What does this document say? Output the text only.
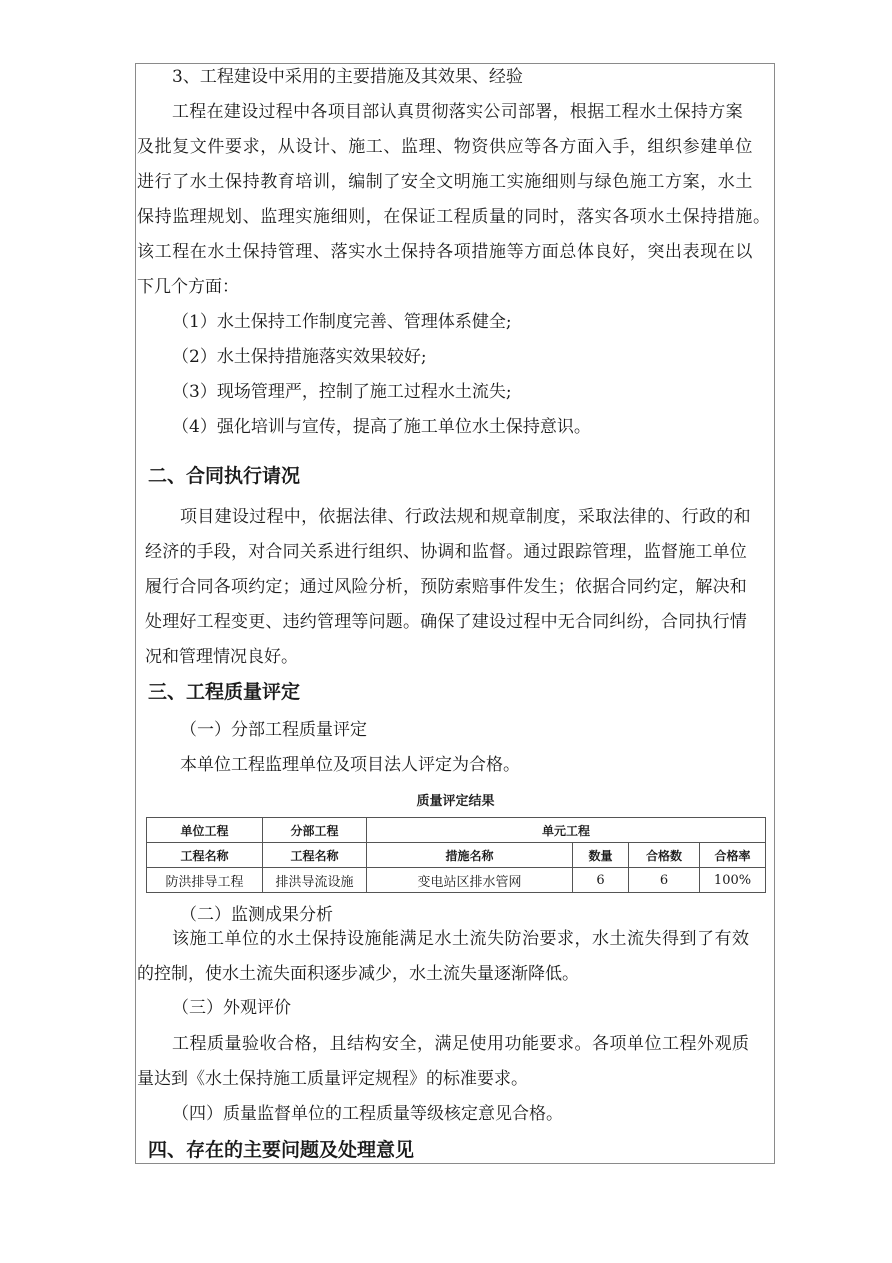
3、工程建设中采用的主要措施及其效果、经验
工程在建设过程中各项目部认真贯彻落实公司部署，根据工程水土保持方案
及批复文件要求，从设计、施工、监理、物资供应等各方面入手，组织参建单位
进行了水土保持教育培训，编制了安全文明施工实施细则与绿色施工方案，水土
保持监理规划、监理实施细则，在保证工程质量的同时，落实各项水土保持措施。
该工程在水土保持管理、落实水土保持各项措施等方面总体良好，突出表现在以
下几个方面：
（1）水土保持工作制度完善、管理体系健全;
（2）水土保持措施落实效果较好;
（3）现场管理严，控制了施工过程水土流失;
（4）强化培训与宣传，提高了施工单位水土保持意识。
二、合同执行请况
项目建设过程中，依据法律、行政法规和规章制度，采取法律的、行政的和
经济的手段，对合同关系进行组织、协调和监督。通过跟踪管理，监督施工单位
履行合同各项约定；通过风险分析，预防索赔事件发生；依据合同约定，解决和
处理好工程变更、违约管理等问题。确保了建设过程中无合同纠纷，合同执行情
况和管理情况良好。
三、工程质量评定
（一）分部工程质量评定
本单位工程监理单位及项目法人评定为合格。
质量评定结果
单位工程	分部工程	单元工程			
工程名称	工程名称	措施名称	数量	合格数	合格率
防洪排导工程	排洪导流设施	变电站区排水管网	6	6	100%
（二）监测成果分析
该施工单位的水土保持设施能满足水土流失防治要求，水土流失得到了有效
的控制，使水土流失面积逐步减少，水土流失量逐渐降低。
（三）外观评价
工程质量验收合格，且结构安全，满足使用功能要求。各项单位工程外观质
量达到《水土保持施工质量评定规程》的标准要求。
（四）质量监督单位的工程质量等级核定意见合格。
四、存在的主要问题及处理意见
